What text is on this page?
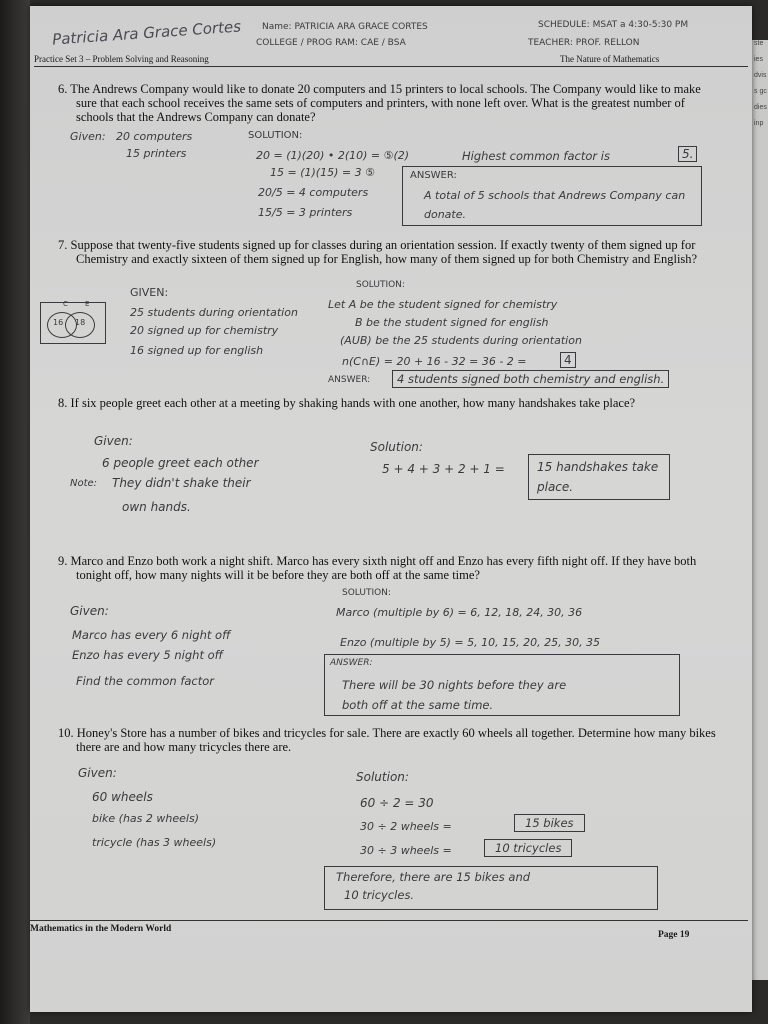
ste
ies
dvis
s gc
dies
inp
Patricia Ara Grace Cortes Name: PATRICIA ARA GRACE CORTES
COLLEGE / PROG RAM: CAE / BSA
SCHEDULE: MSAT a 4:30-5:30 PM
TEACHER: PROF. RELLON
Practice Set 3 – Problem Solving and Reasoning	The Nature of Mathematics
6. The Andrews Company would like to donate 20 computers and 15 printers to local schools. The Company would like to make sure that each school receives the same sets of computers and printers, with none left over. What is the greatest number of schools that the Andrews Company can donate?
Given: 20 computers
15 printers
SOLUTION:
20 = (1)(20) • 2(10) = ⑤(2)
15 = (1)(15) = 3 ⑤
20/5 = 4 computers
15/5 = 3 printers
Highest common factor is	5.
ANSWER:
A total of 5 schools that Andrews Company can donate.
7. Suppose that twenty-five students signed up for classes during an orientation session. If exactly twenty of them signed up for Chemistry and exactly sixteen of them signed up for English, how many of them signed up for both Chemistry and English?
GIVEN:
C E
16 18
25 students during orientation
20 signed up for chemistry
16 signed up for english
SOLUTION:
Let A be the student signed for chemistry
B be the student signed for english
(AUB) be the 25 students during orientation
n(C∩E) = 20 + 16 - 32 = 36 - 2 =	4
ANSWER:	4 students signed both chemistry and english.
8. If six people greet each other at a meeting by shaking hands with one another, how many handshakes take place?
Given:
6 people greet each other
Note: They didn't shake their
own hands.
Solution:
5 + 4 + 3 + 2 + 1 =	15 handshakes take place.
9. Marco and Enzo both work a night shift. Marco has every sixth night off and Enzo has every fifth night off. If they have both tonight off, how many nights will it be before they are both off at the same time?
Given:
Marco has every 6 night off
Enzo has every 5 night off
Find the common factor
SOLUTION:
Marco (multiple by 6) = 6, 12, 18, 24, 30, 36
Enzo (multiple by 5) = 5, 10, 15, 20, 25, 30, 35
ANSWER:
There will be 30 nights before they are
both off at the same time.
10. Honey's Store has a number of bikes and tricycles for sale. There are exactly 60 wheels all together. Determine how many bikes there are and how many tricycles there are.
Given:
60 wheels
bike (has 2 wheels)
tricycle (has 3 wheels)
Solution:
60 ÷ 2 = 30
30 ÷ 2 wheels =	15 bikes
30 ÷ 3 wheels =	10 tricycles
Therefore, there are 15 bikes and
10 tricycles.
Mathematics in the Modern World
Page 19
